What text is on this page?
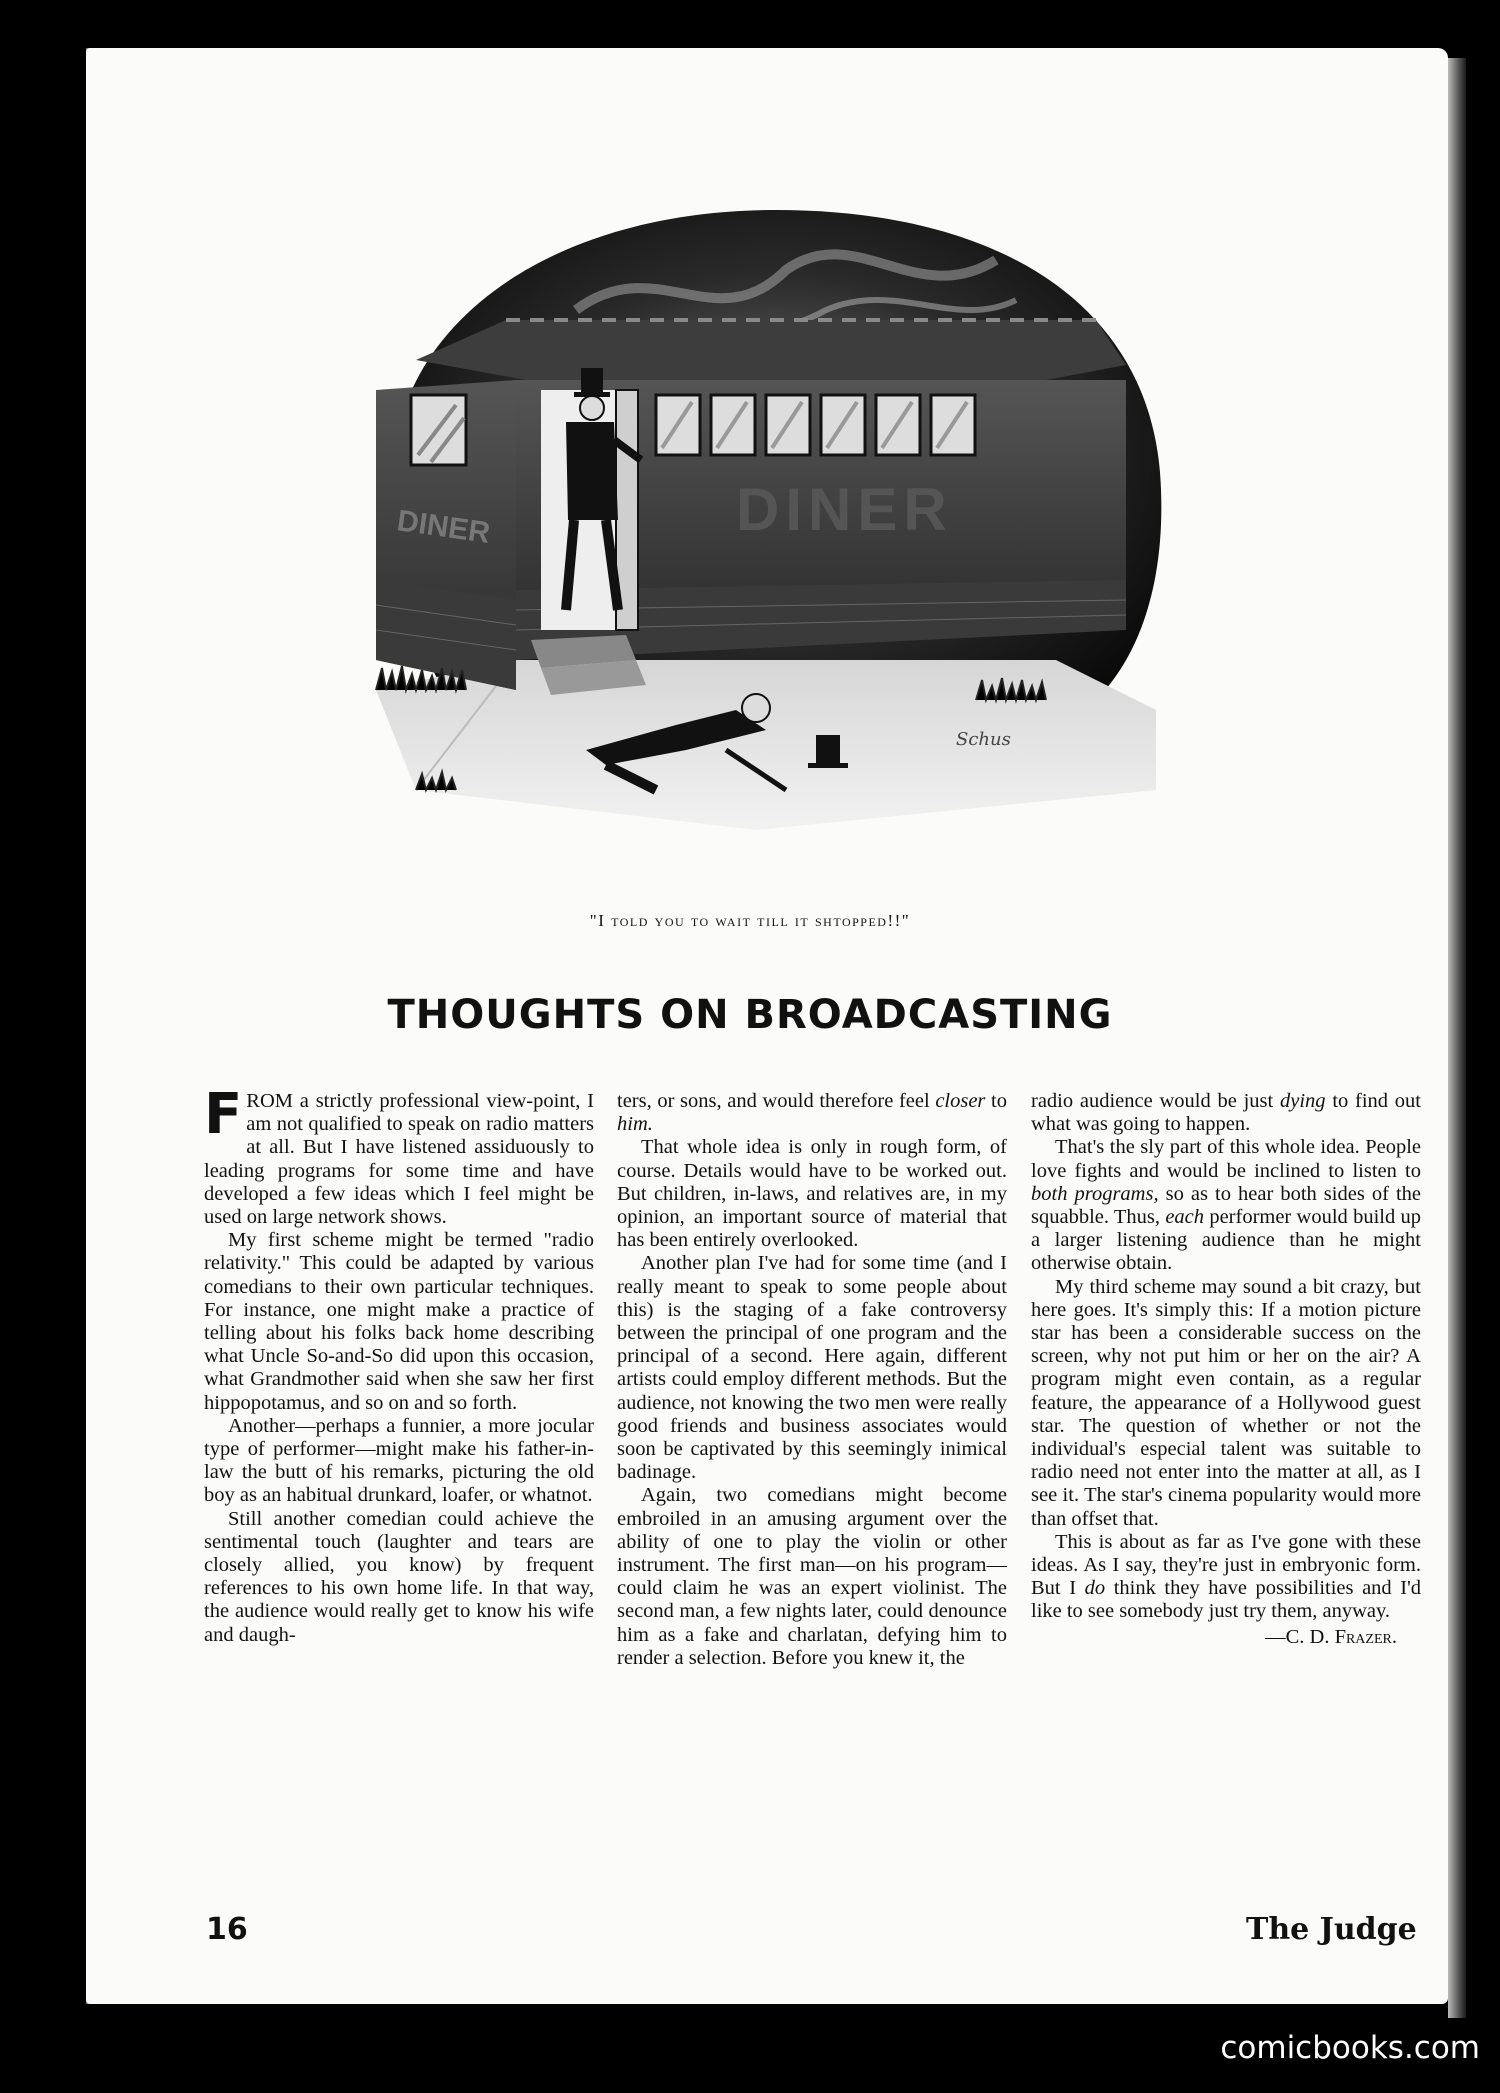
DINER	DINER
Schus
"I told you to wait till it shtopped!!"
THOUGHTS ON BROADCASTING

FROM a strictly professional view-point, I am not qualified to speak on radio matters at all. But I have listened assiduously to leading programs for some time and have developed a few ideas which I feel might be used on large network shows.

My first scheme might be termed "radio relativity." This could be adapted by various comedians to their own particular techniques. For instance, one might make a practice of telling about his folks back home describing what Uncle So-and-So did upon this occasion, what Grandmother said when she saw her first hippopotamus, and so on and so forth.

Another—perhaps a funnier, a more jocular type of performer—might make his father-in-law the butt of his remarks, picturing the old boy as an habitual drunkard, loafer, or whatnot.

Still another comedian could achieve the sentimental touch (laughter and tears are closely allied, you know) by frequent references to his own home life. In that way, the audience would really get to know his wife and daugh-

ters, or sons, and would therefore feel closer to him.

That whole idea is only in rough form, of course. Details would have to be worked out. But children, in-laws, and relatives are, in my opinion, an important source of material that has been entirely overlooked.

Another plan I've had for some time (and I really meant to speak to some people about this) is the staging of a fake controversy between the principal of one program and the principal of a second. Here again, different artists could employ different methods. But the audience, not knowing the two men were really good friends and business associates would soon be captivated by this seemingly inimical badinage.

Again, two comedians might become embroiled in an amusing argument over the ability of one to play the violin or other instrument. The first man—on his program—could claim he was an expert violinist. The second man, a few nights later, could denounce him as a fake and charlatan, defying him to render a selection. Before you knew it, the

radio audience would be just dying to find out what was going to happen.

That's the sly part of this whole idea. People love fights and would be inclined to listen to both programs, so as to hear both sides of the squabble. Thus, each performer would build up a larger listening audience than he might otherwise obtain.

My third scheme may sound a bit crazy, but here goes. It's simply this: If a motion picture star has been a considerable success on the screen, why not put him or her on the air? A program might even contain, as a regular feature, the appearance of a Hollywood guest star. The question of whether or not the individual's especial talent was suitable to radio need not enter into the matter at all, as I see it. The star's cinema popularity would more than offset that.

This is about as far as I've gone with these ideas. As I say, they're just in embryonic form. But I do think they have possibilities and I'd like to see somebody just try them, anyway.

—C. D. Frazer.
16	The Judge
comicbooks.com
